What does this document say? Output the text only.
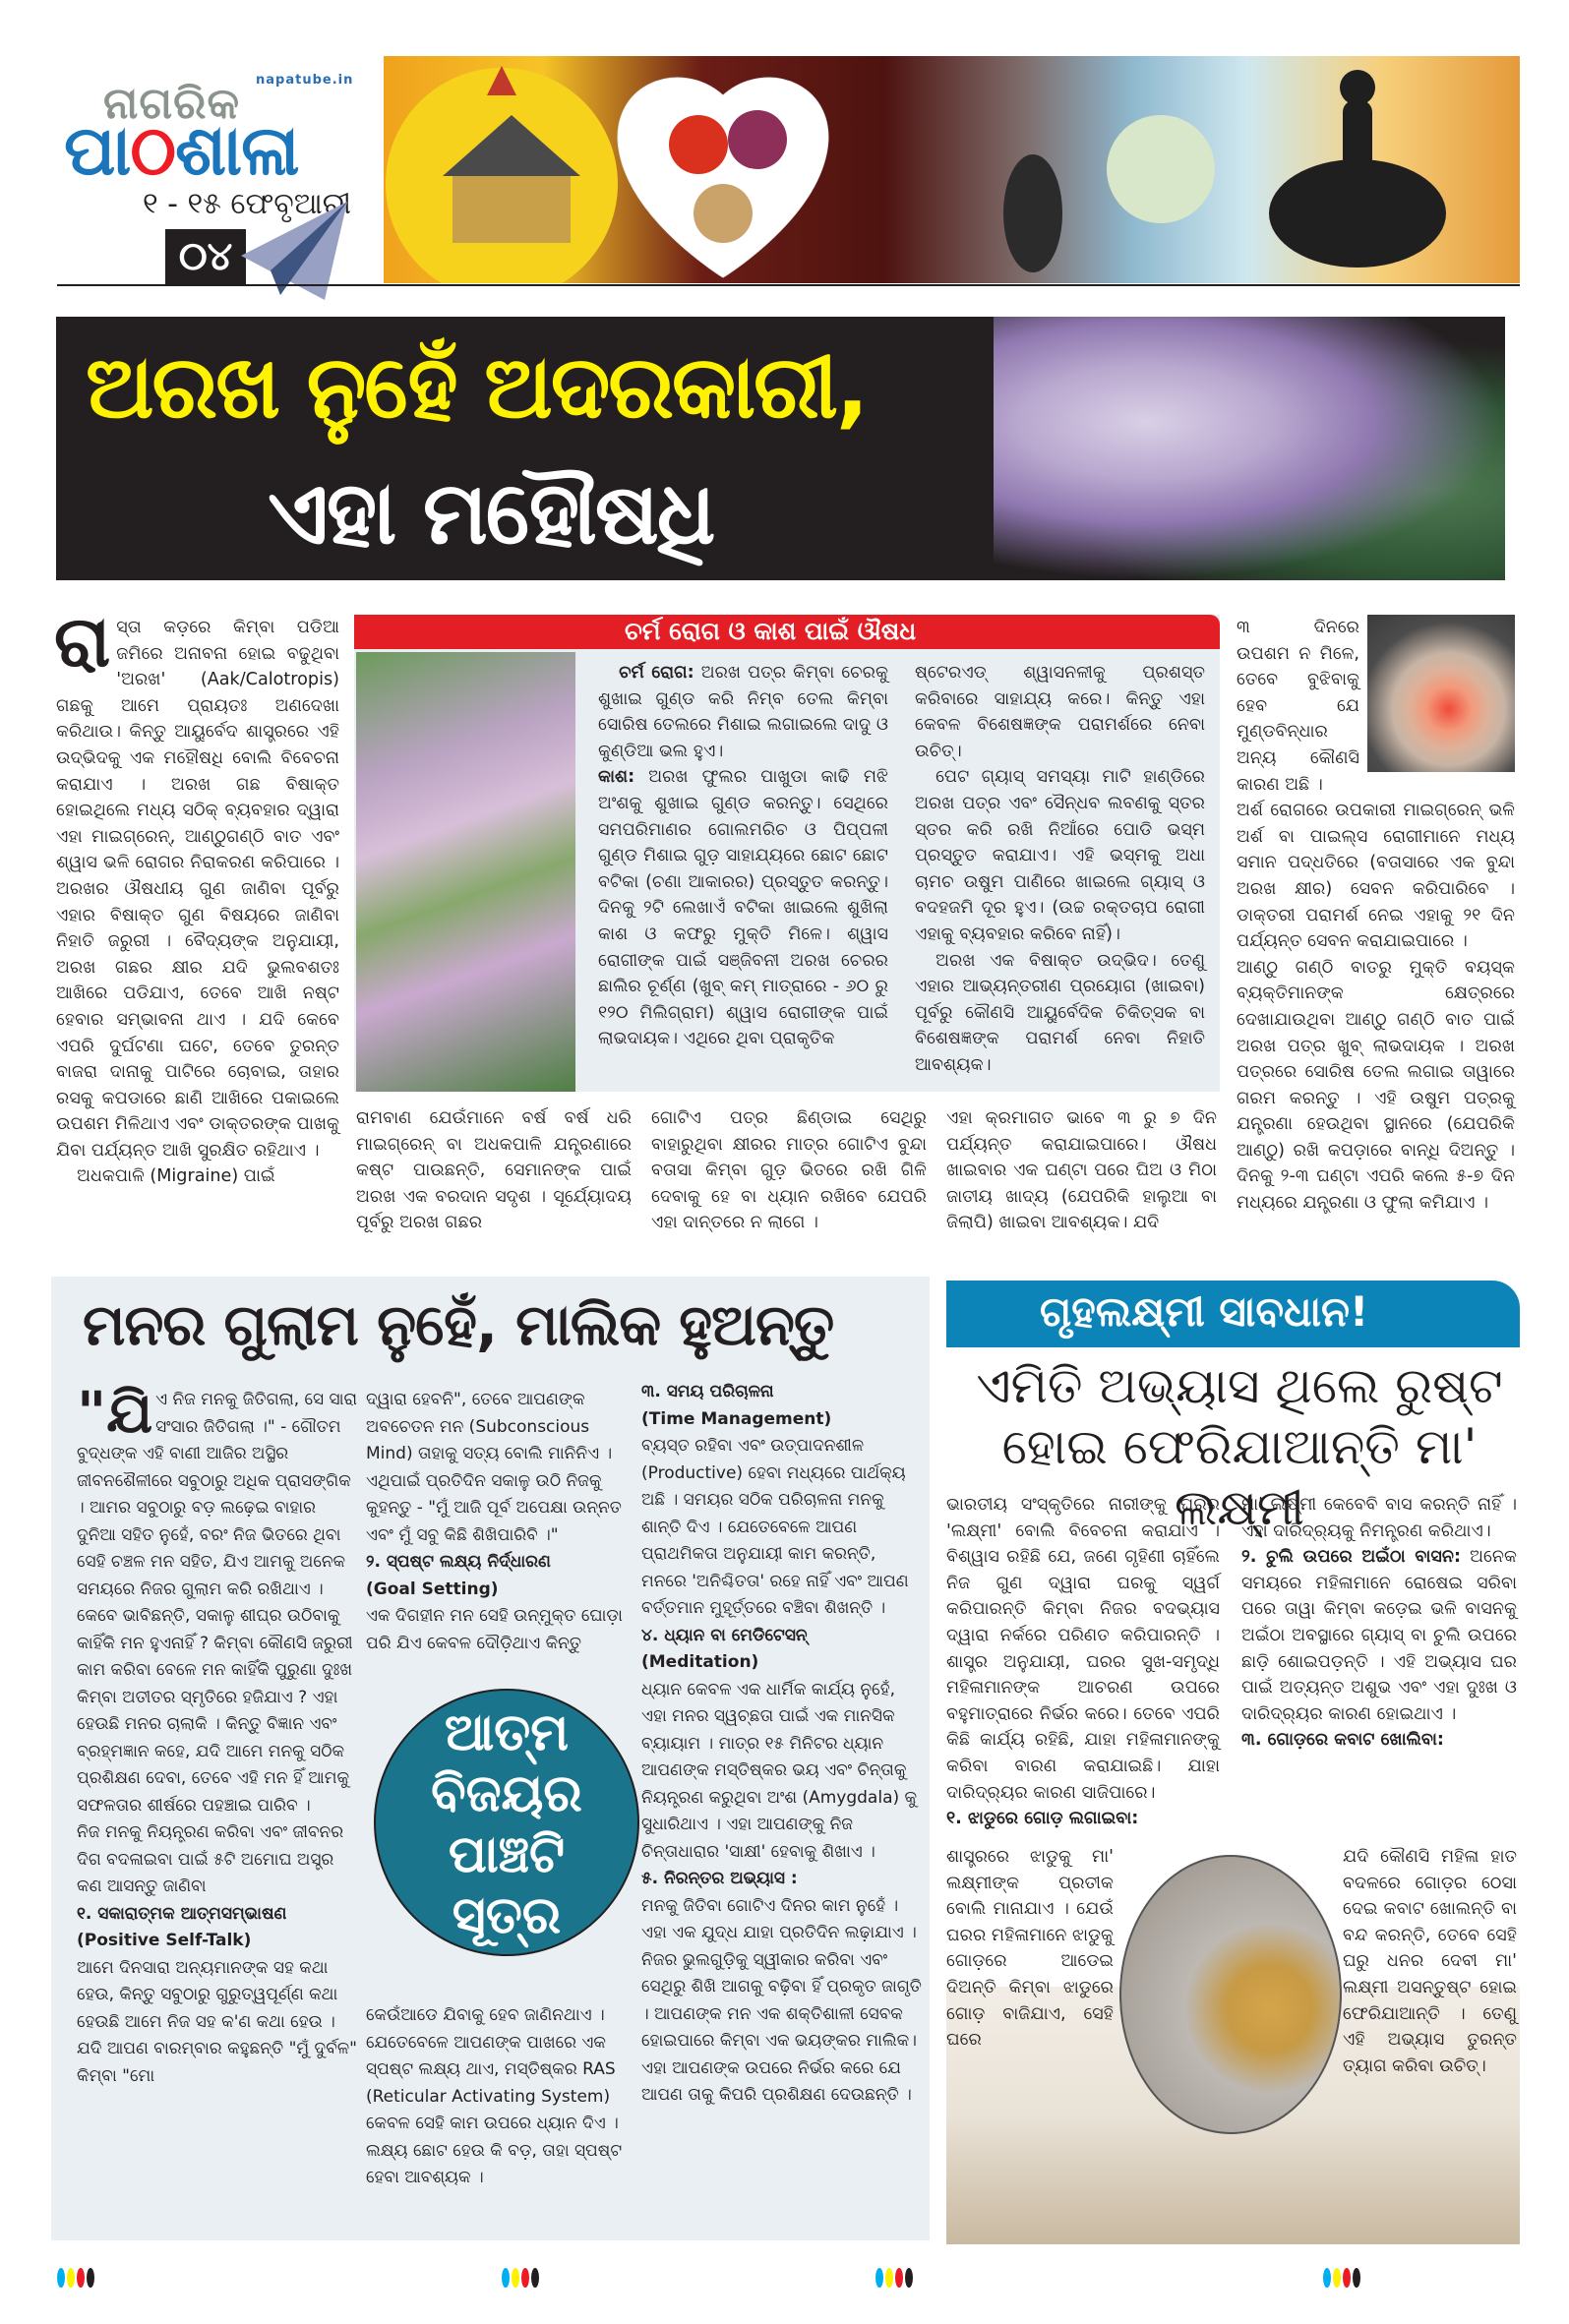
ନାଗରିକ
ପାଠଶାଳା
napatube.in
୧ - ୧୫ ଫେବୃଆରୀ
୦୪
ଅରଖ ନୁହେଁ ଅଦରକାରୀ,
ଏହା ମହୌଷଧି
ରା ସ୍ତା କଡ଼ରେ କିମ୍ବା ପଡିଆ ଜମିରେ ଅନାବନା ହୋଇ ବଢୁଥିବା 'ଅରଖ' (Aak/Calotropis) ଗଛକୁ ଆମେ ପ୍ରାୟତଃ ଅଣଦେଖା କରିଥାଉ। କିନ୍ତୁ ଆୟୁର୍ବେଦ ଶାସ୍ତ୍ରରେ ଏହି ଉଦ୍ଭିଦକୁ ଏକ ମହୌଷଧି ବୋଲି ବିବେଚନା କରାଯାଏ । ଅରଖ ଗଛ ବିଷାକ୍ତ ହୋଇଥିଲେ ମଧ୍ୟ ସଠିକ୍ ବ୍ୟବହାର ଦ୍ୱାରା ଏହା ମାଇଗ୍ରେନ୍, ଆଣ୍ଠୁଗଣ୍ଠି ବାତ ଏବଂ ଶ୍ୱାସ ଭଳି ରୋଗର ନିରାକରଣ କରିପାରେ । ଅରଖର ଔଷଧୀୟ ଗୁଣ ଜାଣିବା ପୂର୍ବରୁ ଏହାର ବିଷାକ୍ତ ଗୁଣ ବିଷୟରେ ଜାଣିବା ନିହାତି ଜରୁରୀ । ବୈଦ୍ୟଙ୍କ ଅନୁଯାୟୀ, ଅରଖ ଗଛର କ୍ଷୀର ଯଦି ଭୁଲବଶତଃ ଆଖିରେ ପଡିଯାଏ, ତେବେ ଆଖି ନଷ୍ଟ ହେବାର ସମ୍ଭାବନା ଥାଏ । ଯଦି କେବେ ଏପରି ଦୁର୍ଘଟଣା ଘଟେ, ତେବେ ତୁରନ୍ତ ବାଜରା ଦାନାକୁ ପାଟିରେ ଚୋବାଇ, ତାହାର ରସକୁ କପଡାରେ ଛାଣି ଆଖିରେ ପକାଇଲେ ଉପଶମ ମିଳିଥାଏ ଏବଂ ଡାକ୍ତରଙ୍କ ପାଖକୁ ଯିବା ପର୍ଯ୍ୟନ୍ତ ଆଖି ସୁରକ୍ଷିତ ରହିଥାଏ ।

ଅଧକପାଳି (Migraine) ପାଇଁ

ଚର୍ମ ରୋଗ ଓ କାଶ ପାଇଁ ଔଷଧ

ଚର୍ମ ରୋଗ: ଅରଖ ପତ୍ର କିମ୍ବା ଚେରକୁ ଶୁଖାଇ ଗୁଣ୍ଡ କରି ନିମ୍ବ ତେଲ କିମ୍ବା ସୋରିଷ ତେଲରେ ମିଶାଇ ଲଗାଇଲେ ଦାଦୁ ଓ କୁଣ୍ଡିଆ ଭଲ ହୁଏ।

କାଶ: ଅରଖ ଫୁଲର ପାଖୁଡା କାଢି ମଝି ଅଂଶକୁ ଶୁଖାଇ ଗୁଣ୍ଡ କରନ୍ତୁ। ସେଥିରେ ସମପରିମାଣର ଗୋଲମରିଚ ଓ ପିପ୍ପଳୀ ଗୁଣ୍ଡ ମିଶାଇ ଗୁଡ଼ ସାହାଯ୍ୟରେ ଛୋଟ ଛୋଟ ବଟିକା (ଚଣା ଆକାରର) ପ୍ରସ୍ତୁତ କରନ୍ତୁ। ଦିନକୁ ୨ଟି ଲେଖାଏଁ ବଟିକା ଖାଇଲେ ଶୁଖିଲା କାଶ ଓ କଫରୁ ମୁକ୍ତି ମିଳେ। ଶ୍ୱାସ ରୋଗୀଙ୍କ ପାଇଁ ସଞ୍ଜିବନୀ ଅରଖ ଚେରର ଛାଲିର ଚୂର୍ଣ୍ଣ (ଖୁବ୍ କମ୍ ମାତ୍ରାରେ - ୬୦ ରୁ ୧୨୦ ମିଲିଗ୍ରାମ) ଶ୍ୱାସ ରୋଗୀଙ୍କ ପାଇଁ ଲାଭଦାୟକ। ଏଥିରେ ଥିବା ପ୍ରାକୃତିକ

ଷ୍ଟେରଏଡ୍ ଶ୍ୱାସନଳୀକୁ ପ୍ରଶସ୍ତ କରିବାରେ ସାହାଯ୍ୟ କରେ। କିନ୍ତୁ ଏହା କେବଳ ବିଶେଷଜ୍ଞଙ୍କ ପରାମର୍ଶରେ ନେବା ଉଚିତ୍।

ପେଟ ଗ୍ୟାସ୍ ସମସ୍ୟା ମାଟି ହାଣ୍ଡିରେ ଅରଖ ପତ୍ର ଏବଂ ସୈନ୍ଧବ ଲବଣକୁ ସ୍ତର ସ୍ତର କରି ରଖି ନିଆଁରେ ପୋଡି ଭସ୍ମ ପ୍ରସ୍ତୁତ କରାଯାଏ। ଏହି ଭସ୍ମକୁ ଅଧା ଚାମଚ ଉଷୁମ ପାଣିରେ ଖାଇଲେ ଗ୍ୟାସ୍ ଓ ବଦହଜମି ଦୂର ହୁଏ। (ଉଚ୍ଚ ରକ୍ତଚାପ ରୋଗୀ ଏହାକୁ ବ୍ୟବହାର କରିବେ ନାହିଁ)।

ଅରଖ ଏକ ବିଷାକ୍ତ ଉଦ୍ଭିଦ। ତେଣୁ ଏହାର ଆଭ୍ୟନ୍ତରୀଣ ପ୍ରୟୋଗ (ଖାଇବା) ପୂର୍ବରୁ କୌଣସି ଆୟୁର୍ବେଦିକ ଚିକିତ୍ସକ ବା ବିଶେଷଜ୍ଞଙ୍କ ପରାମର୍ଶ ନେବା ନିହାତି ଆବଶ୍ୟକ।

୩ ଦିନରେ ଉପଶମ ନ ମିଳେ, ତେବେ ବୁଝିବାକୁ ହେବ ଯେ ମୁଣ୍ଡବିନ୍ଧାର ଅନ୍ୟ କୌଣସି କାରଣ ଅଛି ।

ଅର୍ଶ ରୋଗରେ ଉପକାରୀ ମାଇଗ୍ରେନ୍ ଭଳି ଅର୍ଶ ବା ପାଇଲ୍ସ ରୋଗୀମାନେ ମଧ୍ୟ ସମାନ ପଦ୍ଧତିରେ (ବତାସାରେ ଏକ ବୁନ୍ଦା ଅରଖ କ୍ଷୀର) ସେବନ କରିପାରିବେ । ଡାକ୍ତରୀ ପରାମର୍ଶ ନେଇ ଏହାକୁ ୨୧ ଦିନ ପର୍ଯ୍ୟନ୍ତ ସେବନ କରାଯାଇପାରେ ।

ଆଣ୍ଠୁ ଗଣ୍ଠି ବାତରୁ ମୁକ୍ତି ବୟସ୍କ ବ୍ୟକ୍ତିମାନଙ୍କ କ୍ଷେତ୍ରରେ ଦେଖାଯାଉଥିବା ଆଣ୍ଠୁ ଗଣ୍ଠି ବାତ ପାଇଁ ଅରଖ ପତ୍ର ଖୁବ୍ ଲାଭଦାୟକ । ଅରଖ ପତ୍ରରେ ସୋରିଷ ତେଲ ଲଗାଇ ତାୱାରେ ଗରମ କରନ୍ତୁ । ଏହି ଉଷୁମ ପତ୍ରକୁ ଯନ୍ତ୍ରଣା ହେଉଥିବା ସ୍ଥାନରେ (ଯେପରିକି ଆଣ୍ଠୁ) ରଖି କପଡ଼ାରେ ବାନ୍ଧି ଦିଅନ୍ତୁ । ଦିନକୁ ୨-୩ ଘଣ୍ଟା ଏପରି କଲେ ୫-୭ ଦିନ ମଧ୍ୟରେ ଯନ୍ତ୍ରଣା ଓ ଫୁଲା କମିଯାଏ ।

ରାମବାଣ ଯେଉଁମାନେ ବର୍ଷ ବର୍ଷ ଧରି ମାଇଗ୍ରେନ୍ ବା ଅଧକପାଳି ଯନ୍ତ୍ରଣାରେ କଷ୍ଟ ପାଉଛନ୍ତି, ସେମାନଙ୍କ ପାଇଁ ଅରଖ ଏକ ବରଦାନ ସଦୃଶ । ସୂର୍ଯ୍ୟୋଦୟ ପୂର୍ବରୁ ଅରଖ ଗଛର
ଗୋଟିଏ ପତ୍ର ଛିଣ୍ଡାଇ ସେଥିରୁ ବାହାରୁଥିବା କ୍ଷୀରର ମାତ୍ର ଗୋଟିଏ ବୁନ୍ଦା ବତାସା କିମ୍ବା ଗୁଡ଼ ଭିତରେ ରଖି ଗିଳି ଦେବାକୁ ହେ ବା ଧ୍ୟାନ ରଖିବେ ଯେପରି ଏହା ଦାନ୍ତରେ ନ ଲାଗେ ।
ଏହା କ୍ରମାଗତ ଭାବେ ୩ ରୁ ୭ ଦିନ ପର୍ଯ୍ୟନ୍ତ କରାଯାଇପାରେ। ଔଷଧ ଖାଇବାର ଏକ ଘଣ୍ଟା ପରେ ଘିଅ ଓ ମିଠା ଜାତୀୟ ଖାଦ୍ୟ (ଯେପରିକି ହାଲୁଆ ବା ଜିଲାପି) ଖାଇବା ଆବଶ୍ୟକ। ଯଦି
ମନର ଗୁଲାମ ନୁହେଁ, ମାଲିକ ହୁଅନ୍ତୁ
"ଯି ଏ ନିଜ ମନକୁ ଜିତିଗଲା, ସେ ସାରା ସଂସାର ଜିତିଗଲା ।" - ଗୌତମ ବୁଦ୍ଧଙ୍କ ଏହି ବାଣୀ ଆଜିର ଅସ୍ଥିର ଜୀବନଶୈଳୀରେ ସବୁଠାରୁ ଅଧିକ ପ୍ରାସଙ୍ଗିକ । ଆମର ସବୁଠାରୁ ବଡ଼ ଲଢ଼େଇ ବାହାର ଦୁନିଆ ସହିତ ନୁହେଁ, ବରଂ ନିଜ ଭିତରେ ଥିବା ସେହି ଚଞ୍ଚଳ ମନ ସହିତ, ଯିଏ ଆମକୁ ଅନେକ ସମୟରେ ନିଜର ଗୁଲାମ କରି ରଖିଥାଏ ।

କେବେ ଭାବିଛନ୍ତି, ସକାଳୁ ଶୀଘ୍ର ଉଠିବାକୁ କାହିଁକି ମନ ହୁଏନାହିଁ ? କିମ୍ବା କୌଣସି ଜରୁରୀ କାମ କରିବା ବେଳେ ମନ କାହିଁକି ପୁରୁଣା ଦୁଃଖ କିମ୍ବା ଅତୀତର ସ୍ମୃତିରେ ହଜିଯାଏ ? ଏହା ହେଉଛି ମନର ଚାଲାକି । କିନ୍ତୁ ବିଜ୍ଞାନ ଏବଂ ବ୍ରହ୍ମଜ୍ଞାନ କହେ, ଯଦି ଆମେ ମନକୁ ସଠିକ ପ୍ରଶିକ୍ଷଣ ଦେବା, ତେବେ ଏହି ମନ ହିଁ ଆମକୁ ସଫଳତାର ଶୀର୍ଷରେ ପହଞ୍ଚାଇ ପାରିବ ।

ନିଜ ମନକୁ ନିୟନ୍ତ୍ରଣ କରିବା ଏବଂ ଜୀବନର ଦିଗ ବଦଳାଇବା ପାଇଁ ୫ଟି ଅମୋଘ ଅସ୍ତ୍ର କଣ ଆସନ୍ତୁ ଜାଣିବା

୧. ସକାରାତ୍ମକ ଆତ୍ମସମ୍ଭାଷଣ

(Positive Self-Talk)

ଆମେ ଦିନସାରା ଅନ୍ୟମାନଙ୍କ ସହ କଥା ହେଉ, କିନ୍ତୁ ସବୁଠାରୁ ଗୁରୁତ୍ୱପୂର୍ଣ୍ଣ କଥା ହେଉଛି ଆମେ ନିଜ ସହ କ'ଣ କଥା ହେଉ । ଯଦି ଆପଣ ବାରମ୍ବାର କହୁଛନ୍ତି "ମୁଁ ଦୁର୍ବଳ" କିମ୍ବା "ମୋ

ଦ୍ୱାରା ହେବନି", ତେବେ ଆପଣଙ୍କ ଅବଚେତନ ମନ (Subconscious Mind) ତାହାକୁ ସତ୍ୟ ବୋଲି ମାନିନିଏ ।ଏଥିପାଇଁ ପ୍ରତିଦିନ ସକାଳୁ ଉଠି ନିଜକୁ କୁହନ୍ତୁ - "ମୁଁ ଆଜି ପୂର୍ବ ଅପେକ୍ଷା ଉନ୍ନତ ଏବଂ ମୁଁ ସବୁ କିଛି ଶିଖିପାରିବି ।"

୨. ସ୍ପଷ୍ଟ ଲକ୍ଷ୍ୟ ନିର୍ଦ୍ଧାରଣ

(Goal Setting)

ଏକ ଦିଗହୀନ ମନ ସେହି ଉନ୍ମୁକ୍ତ ଘୋଡ଼ା ପରି ଯିଏ କେବଳ ଦୌଡ଼ିଥାଏ କିନ୍ତୁ

ଆତ୍ମ
ବିଜୟର
ପାଞ୍ଚଟି
ସୂତ୍ର
କେଉଁଆଡେ ଯିବାକୁ ହେବ ଜାଣିନଥାଏ । ଯେତେବେଳେ ଆପଣଙ୍କ ପାଖରେ ଏକ ସ୍ପଷ୍ଟ ଲକ୍ଷ୍ୟ ଥାଏ, ମସ୍ତିଷ୍କର RAS (Reticular Activating System) କେବଳ ସେହି କାମ ଉପରେ ଧ୍ୟାନ ଦିଏ । ଲକ୍ଷ୍ୟ ଛୋଟ ହେଉ କି ବଡ଼, ତାହା ସ୍ପଷ୍ଟ ହେବା ଆବଶ୍ୟକ ।

୩. ସମୟ ପରିଚାଳନା

(Time Management)

ବ୍ୟସ୍ତ ରହିବା ଏବଂ ଉତ୍ପାଦନଶୀଳ (Productive) ହେବା ମଧ୍ୟରେ ପାର୍ଥକ୍ୟ ଅଛି । ସମୟର ସଠିକ ପରିଚାଳନା ମନକୁ ଶାନ୍ତି ଦିଏ । ଯେତେବେଳେ ଆପଣ ପ୍ରାଥମିକତା ଅନୁଯାୟୀ କାମ କରନ୍ତି, ମନରେ 'ଅନିଶ୍ଚିତତା' ରହେ ନାହିଁ ଏବଂ ଆପଣ ବର୍ତ୍ତମାନ ମୁହୂର୍ତ୍ତରେ ବଞ୍ଚିବା ଶିଖନ୍ତି ।

୪. ଧ୍ୟାନ ବା ମେଡିଟେସନ୍

(Meditation)

ଧ୍ୟାନ କେବଳ ଏକ ଧାର୍ମିକ କାର୍ଯ୍ୟ ନୁହେଁ, ଏହା ମନର ସ୍ୱଚ୍ଛତା ପାଇଁ ଏକ ମାନସିକ ବ୍ୟାୟାମ । ମାତ୍ର ୧୫ ମିନିଟର ଧ୍ୟାନ ଆପଣଙ୍କ ମସ୍ତିଷ୍କର ଭୟ ଏବଂ ଚିନ୍ତାକୁ ନିୟନ୍ତ୍ରଣ କରୁଥିବା ଅଂଶ (Amygdala) କୁ ସୁଧାରିଥାଏ । ଏହା ଆପଣଙ୍କୁ ନିଜ ଚିନ୍ତାଧାରାର 'ସାକ୍ଷୀ' ହେବାକୁ ଶିଖାଏ ।

୫. ନିରନ୍ତର ଅଭ୍ୟାସ :

ମନକୁ ଜିତିବା ଗୋଟିଏ ଦିନର କାମ ନୁହେଁ । ଏହା ଏକ ଯୁଦ୍ଧ ଯାହା ପ୍ରତିଦିନ ଲଢ଼ାଯାଏ । ନିଜର ଭୁଲଗୁଡ଼ିକୁ ସ୍ୱୀକାର କରିବା ଏବଂ ସେଥିରୁ ଶିଖି ଆଗକୁ ବଢ଼ିବା ହିଁ ପ୍ରକୃତ ଜାଗୃତି । ଆପଣଙ୍କ ମନ ଏକ ଶକ୍ତିଶାଳୀ ସେବକ ହୋଇପାରେ କିମ୍ବା ଏକ ଭୟଙ୍କର ମାଲିକ। ଏହା ଆପଣଙ୍କ ଉପରେ ନିର୍ଭର କରେ ଯେ ଆପଣ ତାକୁ କିପରି ପ୍ରଶିକ୍ଷଣ ଦେଉଛନ୍ତି ।

ଗୃହଲକ୍ଷ୍ମୀ ସାବଧାନ!
ଏମିତି ଅଭ୍ୟାସ ଥିଲେ ରୁଷ୍ଟ ହୋଇ ଫେରିଯାଆନ୍ତି ମା' ଲକ୍ଷ୍ମୀ

ଭାରତୀୟ ସଂସ୍କୃତିରେ ନାରୀଙ୍କୁ ଘରର 'ଲକ୍ଷ୍ମୀ' ବୋଲି ବିବେଚନା କରାଯାଏ । ବିଶ୍ୱାସ ରହିଛି ଯେ, ଜଣେ ଗୃହିଣୀ ଚାହିଁଲେ ନିଜ ଗୁଣ ଦ୍ୱାରା ଘରକୁ ସ୍ୱର୍ଗ କରିପାରନ୍ତି କିମ୍ବା ନିଜର ବଦଭ୍ୟାସ ଦ୍ୱାରା ନର୍କରେ ପରିଣତ କରିପାରନ୍ତି । ଶାସ୍ତ୍ର ଅନୁଯାୟୀ, ଘରର ସୁଖ-ସମୃଦ୍ଧି ମହିଳାମାନଙ୍କ ଆଚରଣ ଉପରେ ବହୁମାତ୍ରାରେ ନିର୍ଭର କରେ। ତେବେ ଏପରି କିଛି କାର୍ଯ୍ୟ ରହିଛି, ଯାହା ମହିଳାମାନଙ୍କୁ କରିବା ବାରଣ କରାଯାଇଛି। ଯାହା ଦାରିଦ୍ର୍ୟର କାରଣ ସାଜିପାରେ।

୧. ଝାଡୁରେ ଗୋଡ଼ ଲଗାଇବା:

ଶାସ୍ତ୍ରରେ ଝାଡୁକୁ ମା' ଲକ୍ଷ୍ମୀଙ୍କ ପ୍ରତୀକ ବୋଲି ମାନାଯାଏ । ଯେଉଁ ଘରର ମହିଳାମାନେ ଝାଡୁକୁ ଗୋଡ଼ରେ ଆଡେଇ ଦିଅନ୍ତି କିମ୍ବା ଝାଡୁରେ ଗୋଡ଼ ବାଜିଯାଏ, ସେହି ଘରେ

ମା' ଲକ୍ଷ୍ମୀ କେବେବି ବାସ କରନ୍ତି ନାହିଁ । ଏହା ଦାରିଦ୍ର୍ୟକୁ ନିମନ୍ତ୍ରଣ କରିଥାଏ।

୨. ଚୁଲି ଉପରେ ଅଇଁଠା ବାସନ: ଅନେକ ସମୟରେ ମହିଳାମାନେ ରୋଷେଇ ସରିବା ପରେ ତାୱା କିମ୍ବା କଡ଼େଇ ଭଳି ବାସନକୁ ଅଇଁଠା ଅବସ୍ଥାରେ ଗ୍ୟାସ୍ ବା ଚୁଲି ଉପରେ ଛାଡ଼ି ଶୋଇପଡ଼ନ୍ତି । ଏହି ଅଭ୍ୟାସ ଘର ପାଇଁ ଅତ୍ୟନ୍ତ ଅଶୁଭ ଏବଂ ଏହା ଦୁଃଖ ଓ ଦାରିଦ୍ର୍ୟର କାରଣ ହୋଇଥାଏ ।

୩. ଗୋଡ଼ରେ କବାଟ ଖୋଲିବା:

ଯଦି କୌଣସି ମହିଳା ହାତ ବଦଳରେ ଗୋଡ଼ର ଠେସା ଦେଇ କବାଟ ଖୋଲନ୍ତି ବା ବନ୍ଦ କରନ୍ତି, ତେବେ ସେହି ଘରୁ ଧନର ଦେବୀ ମା' ଲକ୍ଷ୍ମୀ ଅସନ୍ତୁଷ୍ଟ ହୋଇ ଫେରିଯାଆନ୍ତି । ତେଣୁ ଏହି ଅଭ୍ୟାସ ତୁରନ୍ତ ତ୍ୟାଗ କରିବା ଉଚିତ୍।
